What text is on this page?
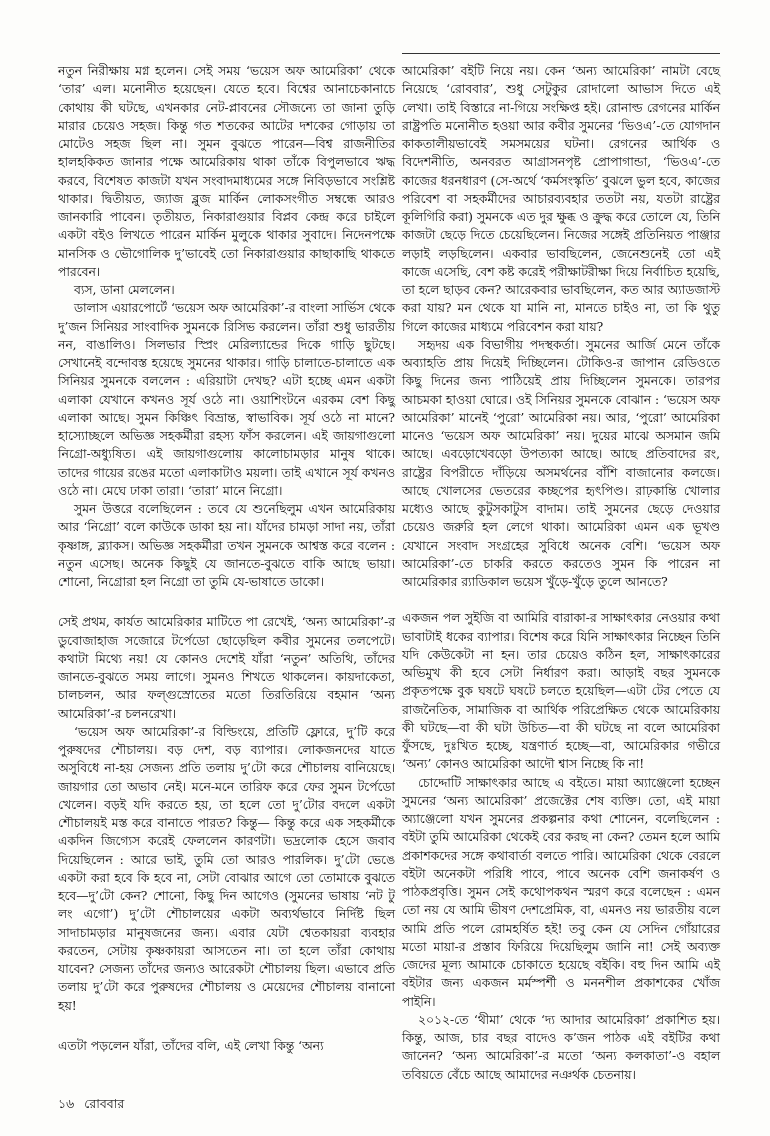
নতুন নিরীক্ষায় মগ্ন হলেন। সেই সময় ‘ভয়েস অফ আমেরিকা’ থেকে ‘তার’ এল। মনোনীত হয়েছেন। যেতে হবে। বিশ্বের আনাচেকানাচে কোথায় কী ঘটছে, এখনকার নেট-প্লাবনের সৌজন্যে তা জানা তুড়ি মারার চেয়েও সহজ। কিন্তু গত শতকের আটের দশকের গোড়ায় তা মোটেও সহজ ছিল না। সুমন বুঝতে পারেন—বিশ্ব রাজনীতির হালহকিকত জানার পক্ষে আমেরিকায় থাকা তাঁকে বিপুলভাবে ঋদ্ধ করবে, বিশেষত কাজটা যখন সংবাদমাধ্যমের সঙ্গে নিবিড়ভাবে সংশ্লিষ্ট থাকার। দ্বিতীয়ত, জ্যাজ ব্লুজ মার্কিন লোকসংগীত সম্বন্ধে আরও জানকারি পাবেন। তৃতীয়ত, নিকারাগুয়ার বিপ্লব কেন্দ্র করে চাইলে একটা বইও লিখতে পারেন মার্কিন মুলুকে থাকার সুবাদে। নিদেনপক্ষে মানসিক ও ভৌগোলিক দু’ভাবেই তো নিকারাগুয়ার কাছাকাছি থাকতে পারবেন।

ব্যস, ডানা মেললেন।

ডালাস এয়ারপোর্টে ‘ভয়েস অফ আমেরিকা’-র বাংলা সার্ভিস থেকে দু’জন সিনিয়র সাংবাদিক সুমনকে রিসিভ করলেন। তাঁরা শুধু ভারতীয় নন, বাঙালিও। সিলভার স্প্রিং মেরিল্যান্ডের দিকে গাড়ি ছুটছে। সেখানেই বন্দোবস্ত হয়েছে সুমনের থাকার। গাড়ি চালাতে-চালাতে এক সিনিয়র সুমনকে বললেন : এরিয়াটা দেখছ? এটা হচ্ছে এমন একটা এলাকা যেখানে কখনও সূর্য ওঠে না। ওয়াশিংটনে এরকম বেশ কিছু এলাকা আছে। সুমন কিঞ্চিৎ বিভ্রান্ত, স্বাভাবিক। সূর্য ওঠে না মানে? হাস্যোচ্ছলে অভিজ্ঞ সহকর্মীরা রহস্য ফাঁস করলেন। এই জায়গাগুলো নিগ্রো-অধ্যুষিত। এই জায়গাগুলোয় কালোচামড়ার মানুষ থাকে। তাদের গায়ের রঙের মতো এলাকাটাও ময়লা। তাই এখানে সূর্য কখনও ওঠে না। মেঘে ঢাকা তারা। ‘তারা’ মানে নিগ্রো।

সুমন উত্তরে বলেছিলেন : তবে যে শুনেছিলুম এখন আমেরিকায় আর ‘নিগ্রো’ বলে কাউকে ডাকা হয় না। যাঁদের চামড়া সাদা নয়, তাঁরা কৃষ্ণাঙ্গ, ব্ল্যাকস। অভিজ্ঞ সহকর্মীরা তখন সুমনকে আশ্বস্ত করে বলেন : নতুন এসেছ। অনেক কিছুই যে জানতে-বুঝতে বাকি আছে ভায়া। শোনো, নিগ্রোরা হল নিগ্রো তা তুমি যে-ভাষাতে ডাকো।

সেই প্রথম, কার্যত আমেরিকার মাটিতে পা রেখেই, ‘অন্য আমেরিকা’-র ডুবোজাহাজ সজোরে টর্পেডো ছোড়েছিল কবীর সুমনের তলপেটে। কথাটা মিথ্যে নয়! যে কোনও দেশেই যাঁরা ‘নতুন’ অতিথি, তাঁদের জানতে-বুঝতে সময় লাগে। সুমনও শিখতে থাকলেন। কায়দাকেতা, চালচলন, আর ফল্গুস্রোতের মতো তিরতিরিয়ে বহমান ‘অন্য আমেরিকা’-র চলনরেখা।

‘ভয়েস অফ আমেরিকা’-র বিল্ডিংয়ে, প্রতিটি ফ্লোরে, দু’টি করে পুরুষদের শৌচালয়। বড় দেশ, বড় ব্যাপার। লোকজনদের যাতে অসুবিধে না-হয় সেজন্য প্রতি তলায় দু’টো করে শৌচালয় বানিয়েছে। জায়গার তো অভাব নেই। মনে-মনে তারিফ করে ফের সুমন টর্পেডো খেলেন। বড়ই যদি করতে হয়, তা হলে তো দু’টোর বদলে একটা শৌচালয়ই মস্ত করে বানাতে পারত? কিন্তু— কিন্তু করে এক সহকর্মীকে একদিন জিগ্যেস করেই ফেললেন কারণটা। ভদ্রলোক হেসে জবাব দিয়েছিলেন : আরে ভাই, তুমি তো আরও পারলিক। দু’টো ভেঙে একটা করা হবে কি হবে না, সেটা বোঝার আগে তো তোমাকে বুঝতে হবে—দু’টো কেন? শোনো, কিছু দিন আগেও (সুমনের ভাষায় ‘নট টু লং এগো’) দু’টো শৌচালয়ের একটা অব্যর্থভাবে নির্দিষ্ট ছিল সাদাচামড়ার মানুষজনের জন্য। এবার যেটা শ্বেতকায়রা ব্যবহার করতেন, সেটায় কৃষ্ণকায়রা আসতেন না। তা হলে তাঁরা কোথায় যাবেন? সেজন্য তাঁদের জন্যও আরেকটা শৌচালয় ছিল। এভাবে প্রতি তলায় দু’টো করে পুরুষদের শৌচালয় ও মেয়েদের শৌচালয় বানানো হয়!

এতটা পড়লেন যাঁরা, তাঁদের বলি, এই লেখা কিন্তু ‘অন্য

আমেরিকা’ বইটি নিয়ে নয়। কেন ‘অন্য আমেরিকা’ নামটা বেছে নিয়েছে ‘রোববার’, শুধু সেটুকুর রোদালো আভাস দিতে এই লেখা। তাই বিস্তারে না-গিয়ে সংক্ষিপ্ত হই। রোনাল্ড রেগনের মার্কিন রাষ্ট্রপতি মনোনীত হওয়া আর কবীর সুমনের ‘ভিওএ’-তে যোগদান কাকতালীয়ভাবেই সমসময়ের ঘটনা। রেগনের আর্থিক ও বিদেশনীতি, অনবরত আগ্রাসনপৃষ্ট প্রোপাগান্ডা, ‘ভিওএ’-তে কাজের ধরনধারণ (সে-অর্থে ‘কর্মসংস্কৃতি’ বুঝলে ভুল হবে, কাজের পরিবেশ বা সহকর্মীদের আচারব্যবহার ততটা নয়, যতটা রাষ্ট্রের কূলিগিরি করা) সুমনকে এত দুর ক্ষুব্ধ ও ক্রুদ্ধ করে তোলে যে, তিনি কাজটা ছেড়ে দিতে চেয়েছিলেন। নিজের সঙ্গেই প্রতিনিয়ত পাঞ্জার লড়াই লড়ছিলেন। একবার ভাবছিলেন, জেনেশুনেই তো এই কাজে এসেছি, বেশ কষ্ট করেই পরীক্ষাটরীক্ষা দিয়ে নির্বাচিত হয়েছি, তা হলে ছাড়ব কেন? আরেকবার ভাবছিলেন, কত আর অ্যাডজাস্ট করা যায়? মন থেকে যা মানি না, মানতে চাইও না, তা কি থুতু গিলে কাজের মাধ্যমে পরিবেশন করা যায়?

সহৃদয় এক বিভাগীয় পদস্থকর্তা। সুমনের আর্জি মেনে তাঁকে অব্যাহতি প্রায় দিয়েই দিচ্ছিলেন। টোকিও-র জাপান রেডিওতে কিছু দিনের জন্য পাঠিয়েই প্রায় দিচ্ছিলেন সুমনকে। তারপর আচমকা হাওয়া ঘোরে। ওই সিনিয়র সুমনকে বোঝান : ‘ভয়েস অফ আমেরিকা’ মানেই ‘পুরো’ আমেরিকা নয়। আর, ‘পুরো’ আমেরিকা মানেও ‘ভয়েস অফ আমেরিকা’ নয়। দুয়ের মাঝে অসমান জমি আছে। এবড়োখেবড়ো উপত্যকা আছে। আছে প্রতিবাদের রং, রাষ্ট্রের বিপরীতে দাঁড়িয়ে অসমর্থনের বাঁশি বাজানোর কলজে। আছে খোলসের ভেতরের কচ্ছপের হৃৎপিণ্ড। রাঢ়কান্তি খোলার মধ্যেও আছে কুটুসকাটুস বাদাম। তাই সুমনের ছেড়ে দেওয়ার চেয়েও জরুরি হল লেগে থাকা। আমেরিকা এমন এক ভূখণ্ড যেখানে সংবাদ সংগ্রহের সুবিধে অনেক বেশি। ‘ভয়েস অফ আমেরিকা’-তে চাকরি করতে করতেও সুমন কি পারেন না আমেরিকার র‍্যাডিকাল ভয়েস খুঁড়ে-খুঁড়ে তুলে আনতে?

একজন পল সুইজি বা আমিরি বারাকা-র সাক্ষাৎকার নেওয়ার কথা ভাবাটাই ধকের ব্যাপার। বিশেষ করে যিনি সাক্ষাৎকার নিচ্ছেন তিনি যদি কেউকেটা না হন। তার চেয়েও কঠিন হল, সাক্ষাৎকারের অভিমুখ কী হবে সেটা নির্ধারণ করা। আড়াই বছর সুমনকে প্রকৃতপক্ষে বুক ঘষটে ঘষটে চলতে হয়েছিল—এটা টের পেতে যে রাজনৈতিক, সামাজিক বা আর্থিক পরিপ্রেক্ষিত থেকে আমেরিকায় কী ঘটছে—বা কী ঘটা উচিত—বা কী ঘটছে না বলে আমেরিকা ফুঁসছে, দুঃখিত হচ্ছে, যন্ত্রণার্ত হচ্ছে—বা, আমেরিকার গভীরে ‘অন্য’ কোনও আমেরিকা আদৌ শ্বাস নিচ্ছে কি না!

চোদ্দোটি সাক্ষাৎকার আছে এ বইতে। মায়া অ্যাঞ্জেলো হচ্ছেন সুমনের ‘অন্য আমেরিকা’ প্রজেক্টের শেষ ব্যক্তি। তো, এই মায়া অ্যাঞ্জেলো যখন সুমনের প্রকল্পনার কথা শোনেন, বলেছিলেন : বইটা তুমি আমেরিকা থেকেই বের করছ না কেন? তেমন হলে আমি প্রকাশকদের সঙ্গে কথাবার্তা বলতে পারি। আমেরিকা থেকে বেরলে বইটা অনেকটা পরিধি পাবে, পাবে অনেক বেশি জনাকর্ষণ ও পাঠকপ্রবৃত্তি। সুমন সেই কথোপকথন স্মরণ করে বলেছেন : এমন তো নয় যে আমি ভীষণ দেশপ্রেমিক, বা, এমনও নয় ভারতীয় বলে আমি প্রতি পলে রোমহর্ষিত হই! তবু কেন যে সেদিন গোঁয়ারের মতো মায়া-র প্রস্তাব ফিরিয়ে দিয়েছিলুম জানি না! সেই অব্যক্ত জেদের মূল্য আমাকে চোকাতে হয়েছে বইকি। বহু দিন আমি এই বইটার জন্য একজন মর্মস্পর্শী ও মননশীল প্রকাশকের খোঁজ পাইনি।

২০১২-তে ‘থীমা’ থেকে ‘দ্য আদার আমেরিকা’ প্রকাশিত হয়। কিন্তু, আজ, চার বছর বাদেও ক’জন পাঠক এই বইটির কথা জানেন? ‘অন্য আমেরিকা’-র মতো ‘অন্য কলকাতা’-ও বহাল তবিয়তে বেঁচে আছে আমাদের নঞর্থক চেতনায়।

১৬ রোববার
